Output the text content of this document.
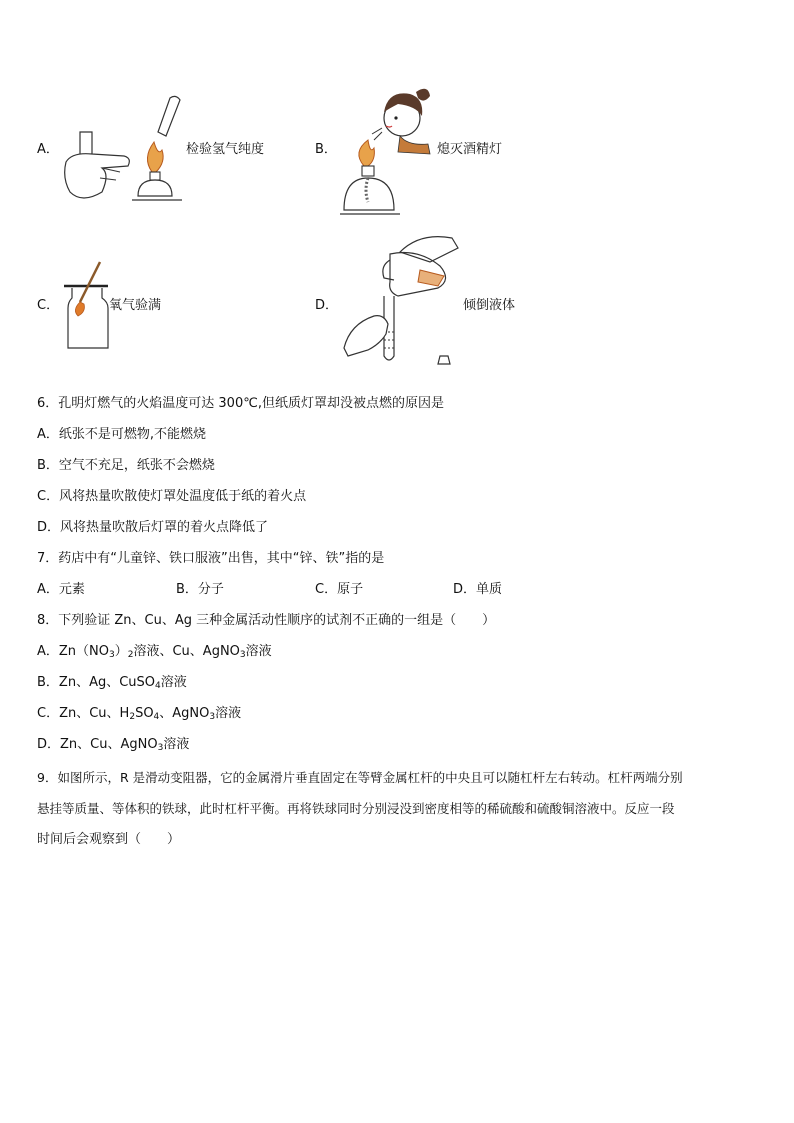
A．	检验氢气纯度	B．	熄灭酒精灯
C．	氧气验满	D．	倾倒液体
6．孔明灯燃气的火焰温度可达 300℃,但纸质灯罩却没被点燃的原因是
A．纸张不是可燃物,不能燃烧
B．空气不充足，纸张不会燃烧
C．风将热量吹散使灯罩处温度低于纸的着火点
D．风将热量吹散后灯罩的着火点降低了
7．药店中有“儿童锌、铁口服液”出售，其中“锌、铁”指的是
A．元素	B．分子	C．原子	D．单质
8．下列验证 Zn、Cu、Ag 三种金属活动性顺序的试剂不正确的一组是（　　）
A．$Zn(NO_3)_2$溶液、Cu、AgNO$_3$溶液
B．Zn、Ag、CuSO$_4$溶液
C．Zn、Cu、$H_2SO_4$、AgNO$_3$溶液
D．Zn、Cu、AgNO$_3$溶液
9．如图所示，R 是滑动变阻器，它的金属滑片垂直固定在等臂金属杠杆的中央且可以随杠杆左右转动。杠杆两端分别
悬挂等质量、等体积的铁球，此时杠杆平衡。再将铁球同时分别浸没到密度相等的稀硫酸和硫酸铜溶液中。反应一段
时间后会观察到（　　）
